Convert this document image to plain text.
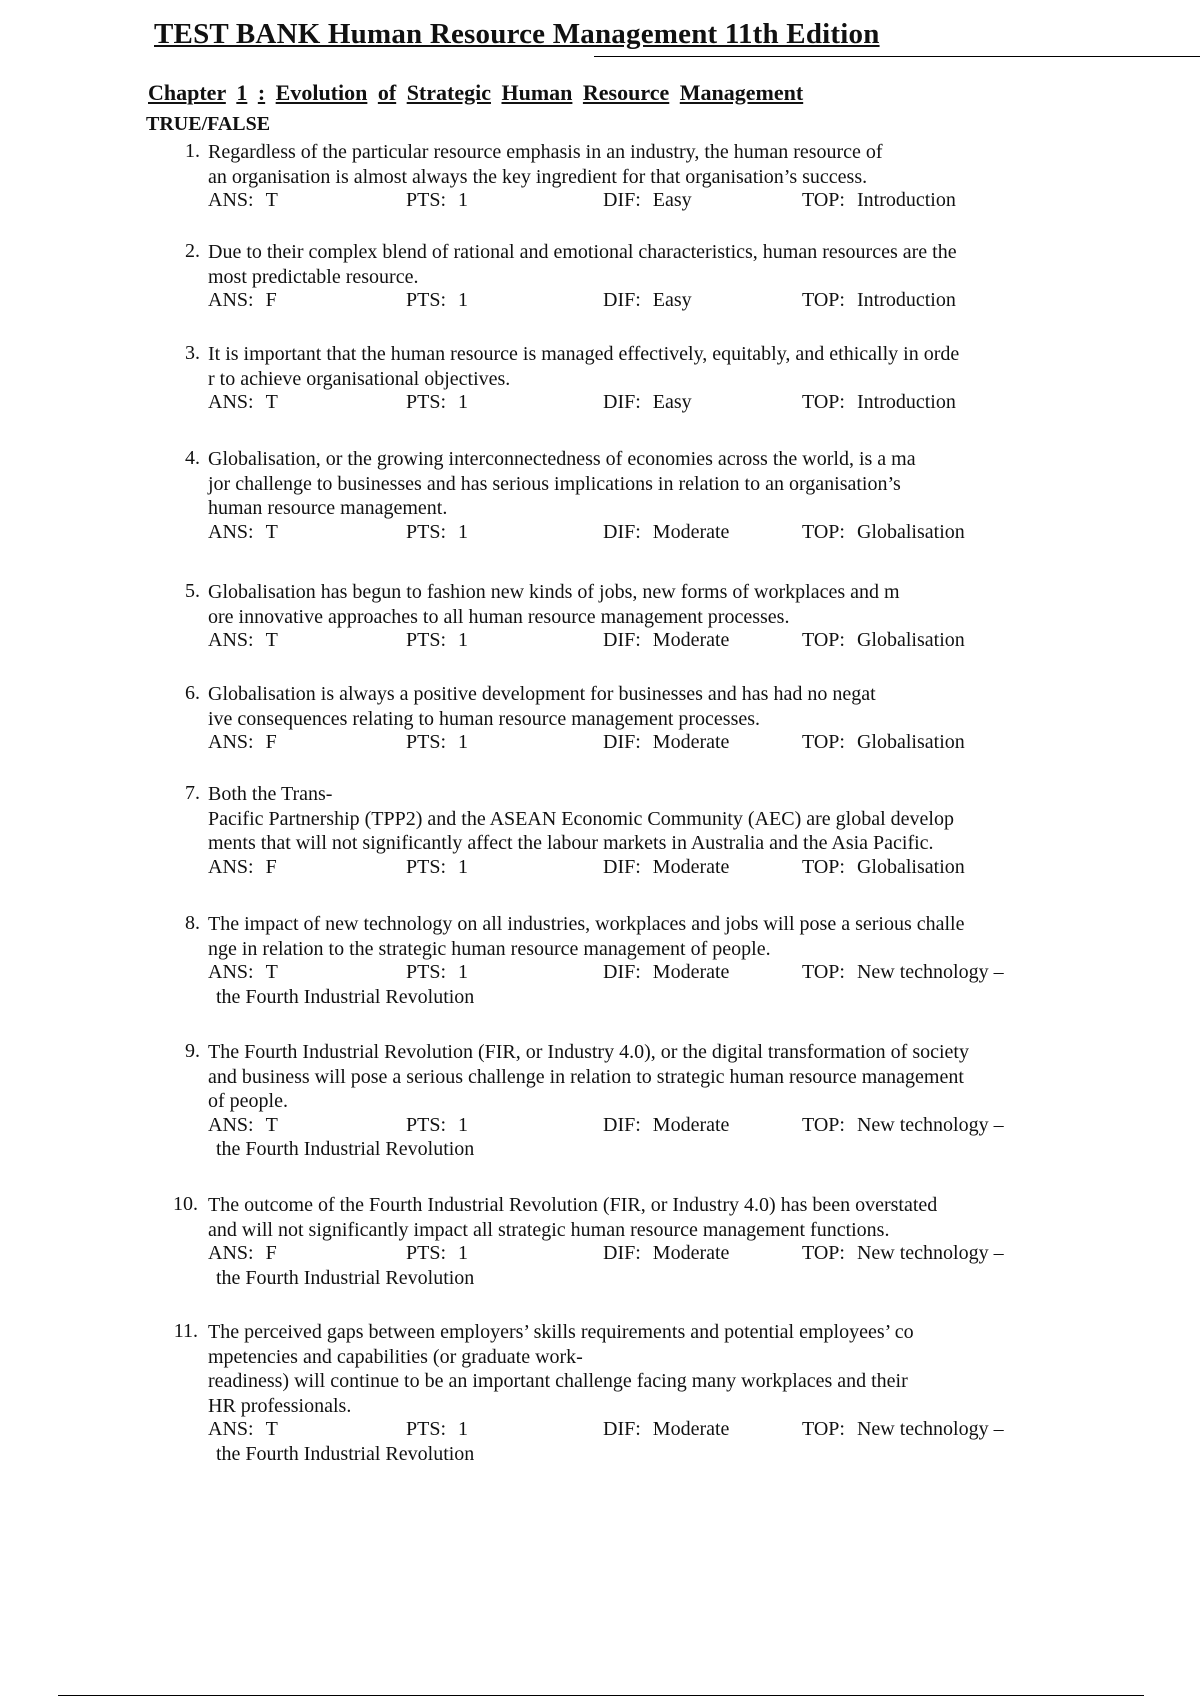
TEST BANK Human Resource Management 11th Edition
Chapter 1 : Evolution of Strategic Human Resource Management
TRUE/FALSE
1. Regardless of the particular resource emphasis in an industry, the human resource of
an organisation is almost always the key ingredient for that organisation’s success.
ANS: T	PTS: 1	DIF: Easy	TOP: Introduction
2. Due to their complex blend of rational and emotional characteristics, human resources are the
most predictable resource.
ANS: F	PTS: 1	DIF: Easy	TOP: Introduction
3. It is important that the human resource is managed effectively, equitably, and ethically in orde
r to achieve organisational objectives.
ANS: T	PTS: 1	DIF: Easy	TOP: Introduction
4. Globalisation, or the growing interconnectedness of economies across the world, is a ma
jor challenge to businesses and has serious implications in relation to an organisation’s
human resource management.
ANS: T	PTS: 1	DIF: Moderate	TOP: Globalisation
5. Globalisation has begun to fashion new kinds of jobs, new forms of workplaces and m
ore innovative approaches to all human resource management processes.
ANS: T	PTS: 1	DIF: Moderate	TOP: Globalisation
6. Globalisation is always a positive development for businesses and has had no negat
ive consequences relating to human resource management processes.
ANS: F	PTS: 1	DIF: Moderate	TOP: Globalisation
7. Both the Trans-
Pacific Partnership (TPP2) and the ASEAN Economic Community (AEC) are global develop
ments that will not significantly affect the labour markets in Australia and the Asia Pacific.
ANS: F	PTS: 1	DIF: Moderate	TOP: Globalisation
8. The impact of new technology on all industries, workplaces and jobs will pose a serious challe
nge in relation to the strategic human resource management of people.
ANS: T	PTS: 1	DIF: Moderate	TOP: New technology –
the Fourth Industrial Revolution
9. The Fourth Industrial Revolution (FIR, or Industry 4.0), or the digital transformation of society
and business will pose a serious challenge in relation to strategic human resource management
of people.
ANS: T	PTS: 1	DIF: Moderate	TOP: New technology –
the Fourth Industrial Revolution
10. The outcome of the Fourth Industrial Revolution (FIR, or Industry 4.0) has been overstated
and will not significantly impact all strategic human resource management functions.
ANS: F	PTS: 1	DIF: Moderate	TOP: New technology –
the Fourth Industrial Revolution
11. The perceived gaps between employers’ skills requirements and potential employees’ co
mpetencies and capabilities (or graduate work-
readiness) will continue to be an important challenge facing many workplaces and their
HR professionals.
ANS: T	PTS: 1	DIF: Moderate	TOP: New technology –
the Fourth Industrial Revolution
